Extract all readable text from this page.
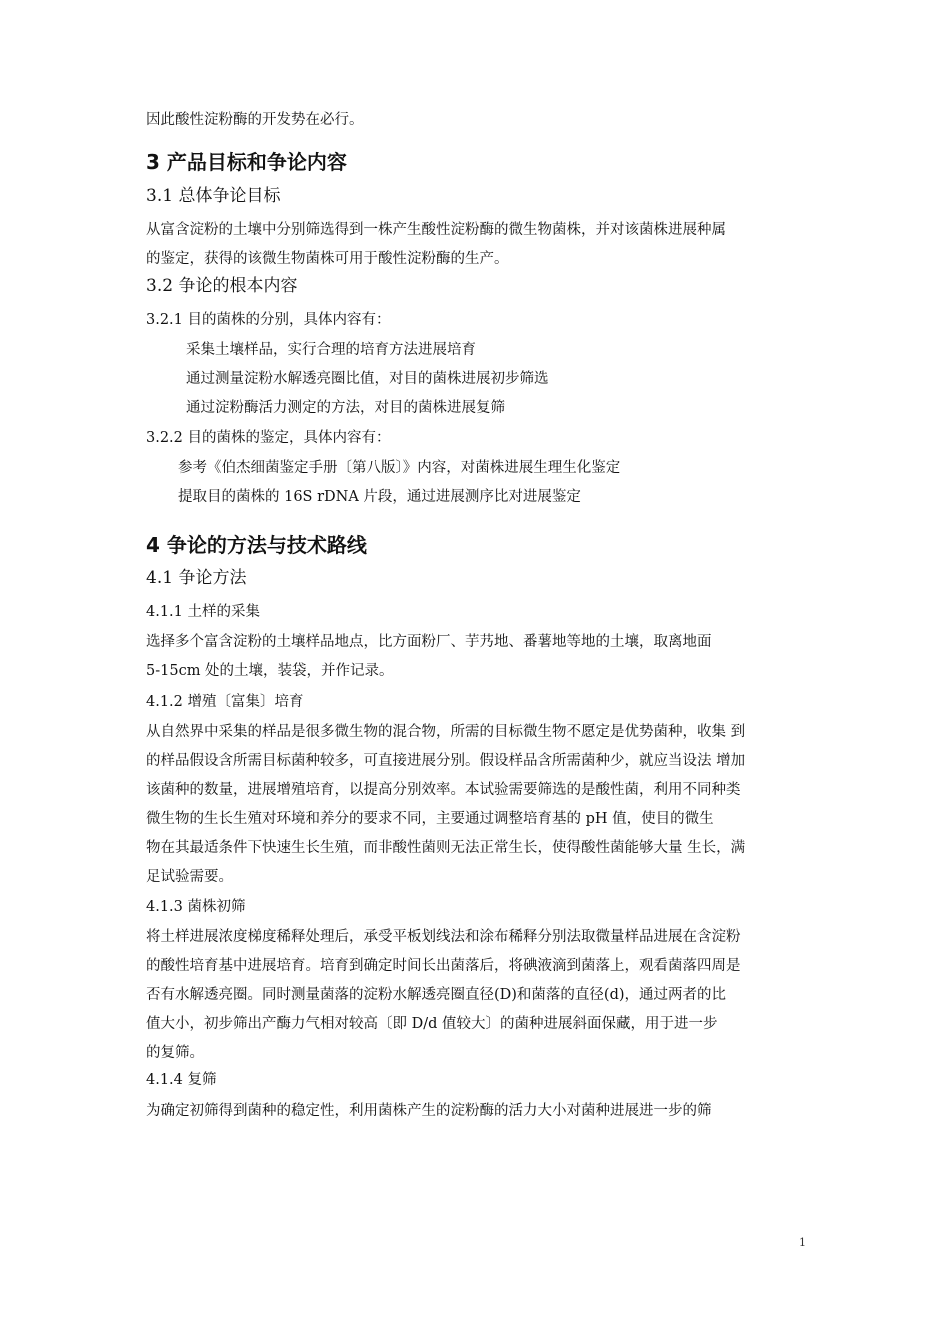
因此酸性淀粉酶的开发势在必行。
3 产品目标和争论内容
3.1 总体争论目标
从富含淀粉的土壤中分别筛选得到一株产生酸性淀粉酶的微生物菌株，并对该菌株进展种属
的鉴定，获得的该微生物菌株可用于酸性淀粉酶的生产。
3.2 争论的根本内容
3.2.1 目的菌株的分别，具体内容有：
采集土壤样品，实行合理的培育方法进展培育
通过测量淀粉水解透亮圈比值，对目的菌株进展初步筛选
通过淀粉酶活力测定的方法，对目的菌株进展复筛
3.2.2 目的菌株的鉴定，具体内容有：
参考《伯杰细菌鉴定手册〔第八版〕》内容，对菌株进展生理生化鉴定
提取目的菌株的 16S rDNA 片段，通过进展测序比对进展鉴定
4 争论的方法与技术路线
4.1 争论方法
4.1.1 土样的采集
选择多个富含淀粉的土壤样品地点，比方面粉厂、芋艿地、番薯地等地的土壤，取离地面
5-15cm 处的土壤，装袋，并作记录。
4.1.2 增殖〔富集〕培育
从自然界中采集的样品是很多微生物的混合物，所需的目标微生物不愿定是优势菌种，收集 到
的样品假设含所需目标菌种较多，可直接进展分别。假设样品含所需菌种少，就应当设法 增加
该菌种的数量，进展增殖培育，以提高分别效率。本试验需要筛选的是酸性菌，利用不同种类
微生物的生长生殖对环境和养分的要求不同，主要通过调整培育基的 pH 值，使目的微生
物在其最适条件下快速生长生殖，而非酸性菌则无法正常生长，使得酸性菌能够大量 生长，满
足试验需要。
4.1.3 菌株初筛
将土样进展浓度梯度稀释处理后，承受平板划线法和涂布稀释分别法取微量样品进展在含淀粉
的酸性培育基中进展培育。培育到确定时间长出菌落后，将碘液滴到菌落上，观看菌落四周是
否有水解透亮圈。同时测量菌落的淀粉水解透亮圈直径(D)和菌落的直径(d)，通过两者的比
值大小，初步筛出产酶力气相对较高〔即 D/d 值较大〕的菌种进展斜面保藏，用于进一步
的复筛。
4.1.4 复筛
为确定初筛得到菌种的稳定性，利用菌株产生的淀粉酶的活力大小对菌种进展进一步的筛
1
